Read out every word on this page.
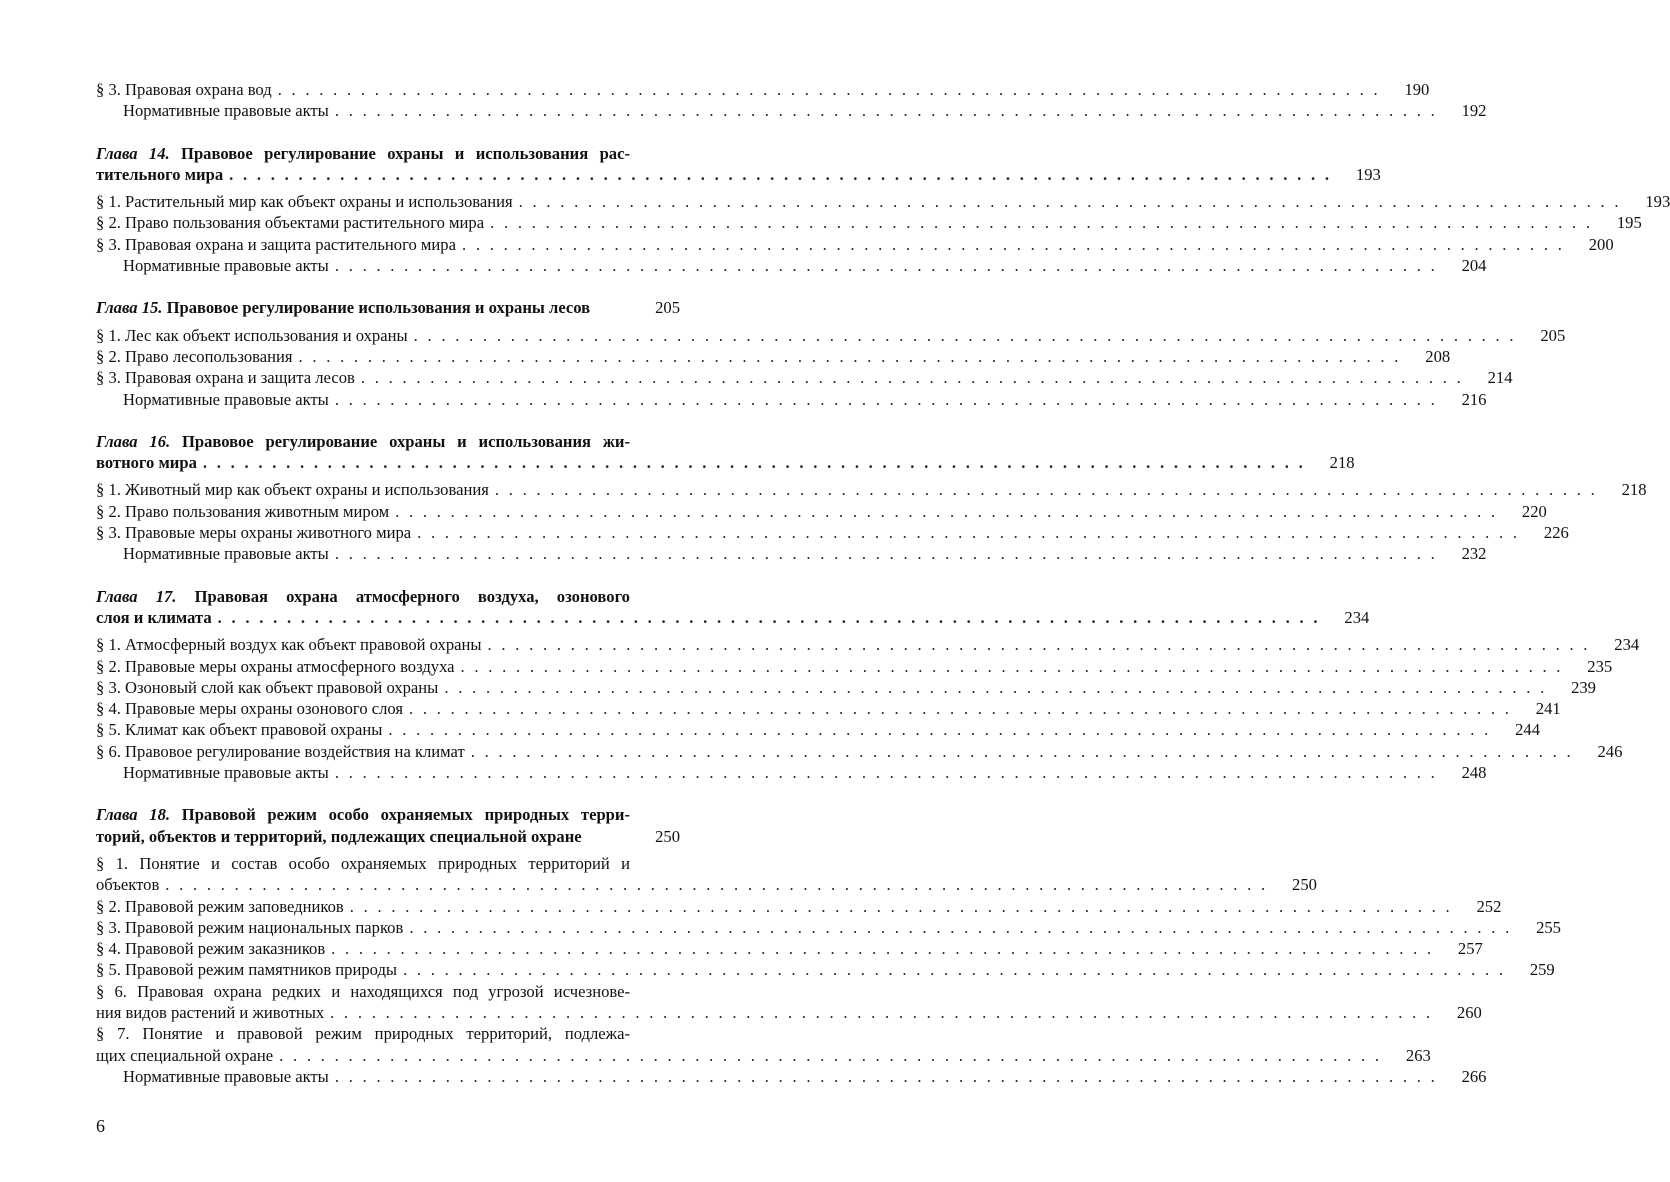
§ 3. Правовая охрана вод . . . . . . . . . . . . . . . . . . . . . . . . . . . . . . . . . . . . . . . . . . . . . . . . . . . . . . . . . . . . . . . . . . . . . . . . . . . . . . . . 	190
Нормативные правовые акты . . . . . . . . . . . . . . . . . . . . . . . . . . . . . . . . . . . . . . . . . . . . . . . . . . . . . . . . . . . . . . . . . . . . . . . . . . . . . . . . 	192
Глава 14. Правовое регулирование охраны и использования рас-
тительного мира . . . . . . . . . . . . . . . . . . . . . . . . . . . . . . . . . . . . . . . . . . . . . . . . . . . . . . . . . . . . . . . . . . . . . . . . . . . . . . . . 	193
§ 1. Растительный мир как объект охраны и использования . . . . . . . . . . . . . . . . . . . . . . . . . . . . . . . . . . . . . . . . . . . . . . . . . . . . . . . . . . . . . . . . . . . . . . . . . . . . . . . . 	193
§ 2. Право пользования объектами растительного мира . . . . . . . . . . . . . . . . . . . . . . . . . . . . . . . . . . . . . . . . . . . . . . . . . . . . . . . . . . . . . . . . . . . . . . . . . . . . . . . . 	195
§ 3. Правовая охрана и защита растительного мира . . . . . . . . . . . . . . . . . . . . . . . . . . . . . . . . . . . . . . . . . . . . . . . . . . . . . . . . . . . . . . . . . . . . . . . . . . . . . . . . 	200
Нормативные правовые акты . . . . . . . . . . . . . . . . . . . . . . . . . . . . . . . . . . . . . . . . . . . . . . . . . . . . . . . . . . . . . . . . . . . . . . . . . . . . . . . . 	204
Глава 15. Правовое регулирование использования и охраны лесов	205
§ 1. Лес как объект использования и охраны . . . . . . . . . . . . . . . . . . . . . . . . . . . . . . . . . . . . . . . . . . . . . . . . . . . . . . . . . . . . . . . . . . . . . . . . . . . . . . . . 	205
§ 2. Право лесопользования . . . . . . . . . . . . . . . . . . . . . . . . . . . . . . . . . . . . . . . . . . . . . . . . . . . . . . . . . . . . . . . . . . . . . . . . . . . . . . . . 	208
§ 3. Правовая охрана и защита лесов . . . . . . . . . . . . . . . . . . . . . . . . . . . . . . . . . . . . . . . . . . . . . . . . . . . . . . . . . . . . . . . . . . . . . . . . . . . . . . . . 	214
Нормативные правовые акты . . . . . . . . . . . . . . . . . . . . . . . . . . . . . . . . . . . . . . . . . . . . . . . . . . . . . . . . . . . . . . . . . . . . . . . . . . . . . . . . 	216
Глава 16. Правовое регулирование охраны и использования жи-
вотного мира . . . . . . . . . . . . . . . . . . . . . . . . . . . . . . . . . . . . . . . . . . . . . . . . . . . . . . . . . . . . . . . . . . . . . . . . . . . . . . . . 	218
§ 1. Животный мир как объект охраны и использования . . . . . . . . . . . . . . . . . . . . . . . . . . . . . . . . . . . . . . . . . . . . . . . . . . . . . . . . . . . . . . . . . . . . . . . . . . . . . . . . 	218
§ 2. Право пользования животным миром . . . . . . . . . . . . . . . . . . . . . . . . . . . . . . . . . . . . . . . . . . . . . . . . . . . . . . . . . . . . . . . . . . . . . . . . . . . . . . . . 	220
§ 3. Правовые меры охраны животного мира . . . . . . . . . . . . . . . . . . . . . . . . . . . . . . . . . . . . . . . . . . . . . . . . . . . . . . . . . . . . . . . . . . . . . . . . . . . . . . . . 	226
Нормативные правовые акты . . . . . . . . . . . . . . . . . . . . . . . . . . . . . . . . . . . . . . . . . . . . . . . . . . . . . . . . . . . . . . . . . . . . . . . . . . . . . . . . 	232
Глава 17. Правовая охрана атмосферного воздуха, озонового
слоя и климата . . . . . . . . . . . . . . . . . . . . . . . . . . . . . . . . . . . . . . . . . . . . . . . . . . . . . . . . . . . . . . . . . . . . . . . . . . . . . . . . 	234
§ 1. Атмосферный воздух как объект правовой охраны . . . . . . . . . . . . . . . . . . . . . . . . . . . . . . . . . . . . . . . . . . . . . . . . . . . . . . . . . . . . . . . . . . . . . . . . . . . . . . . . 	234
§ 2. Правовые меры охраны атмосферного воздуха . . . . . . . . . . . . . . . . . . . . . . . . . . . . . . . . . . . . . . . . . . . . . . . . . . . . . . . . . . . . . . . . . . . . . . . . . . . . . . . . 	235
§ 3. Озоновый слой как объект правовой охраны . . . . . . . . . . . . . . . . . . . . . . . . . . . . . . . . . . . . . . . . . . . . . . . . . . . . . . . . . . . . . . . . . . . . . . . . . . . . . . . . 	239
§ 4. Правовые меры охраны озонового слоя . . . . . . . . . . . . . . . . . . . . . . . . . . . . . . . . . . . . . . . . . . . . . . . . . . . . . . . . . . . . . . . . . . . . . . . . . . . . . . . . 	241
§ 5. Климат как объект правовой охраны . . . . . . . . . . . . . . . . . . . . . . . . . . . . . . . . . . . . . . . . . . . . . . . . . . . . . . . . . . . . . . . . . . . . . . . . . . . . . . . . 	244
§ 6. Правовое регулирование воздействия на климат . . . . . . . . . . . . . . . . . . . . . . . . . . . . . . . . . . . . . . . . . . . . . . . . . . . . . . . . . . . . . . . . . . . . . . . . . . . . . . . . 	246
Нормативные правовые акты . . . . . . . . . . . . . . . . . . . . . . . . . . . . . . . . . . . . . . . . . . . . . . . . . . . . . . . . . . . . . . . . . . . . . . . . . . . . . . . . 	248
Глава 18. Правовой режим особо охраняемых природных терри-
торий, объектов и территорий, подлежащих специальной охране	250
§ 1. Понятие и состав особо охраняемых природных территорий и
объектов . . . . . . . . . . . . . . . . . . . . . . . . . . . . . . . . . . . . . . . . . . . . . . . . . . . . . . . . . . . . . . . . . . . . . . . . . . . . . . . . 	250
§ 2. Правовой режим заповедников . . . . . . . . . . . . . . . . . . . . . . . . . . . . . . . . . . . . . . . . . . . . . . . . . . . . . . . . . . . . . . . . . . . . . . . . . . . . . . . . 	252
§ 3. Правовой режим национальных парков . . . . . . . . . . . . . . . . . . . . . . . . . . . . . . . . . . . . . . . . . . . . . . . . . . . . . . . . . . . . . . . . . . . . . . . . . . . . . . . . 	255
§ 4. Правовой режим заказников . . . . . . . . . . . . . . . . . . . . . . . . . . . . . . . . . . . . . . . . . . . . . . . . . . . . . . . . . . . . . . . . . . . . . . . . . . . . . . . . 	257
§ 5. Правовой режим памятников природы . . . . . . . . . . . . . . . . . . . . . . . . . . . . . . . . . . . . . . . . . . . . . . . . . . . . . . . . . . . . . . . . . . . . . . . . . . . . . . . . 	259
§ 6. Правовая охрана редких и находящихся под угрозой исчезнове-
ния видов растений и животных . . . . . . . . . . . . . . . . . . . . . . . . . . . . . . . . . . . . . . . . . . . . . . . . . . . . . . . . . . . . . . . . . . . . . . . . . . . . . . . . 	260
§ 7. Понятие и правовой режим природных территорий, подлежа-
щих специальной охране . . . . . . . . . . . . . . . . . . . . . . . . . . . . . . . . . . . . . . . . . . . . . . . . . . . . . . . . . . . . . . . . . . . . . . . . . . . . . . . . 	263
Нормативные правовые акты . . . . . . . . . . . . . . . . . . . . . . . . . . . . . . . . . . . . . . . . . . . . . . . . . . . . . . . . . . . . . . . . . . . . . . . . . . . . . . . . 	266
6
